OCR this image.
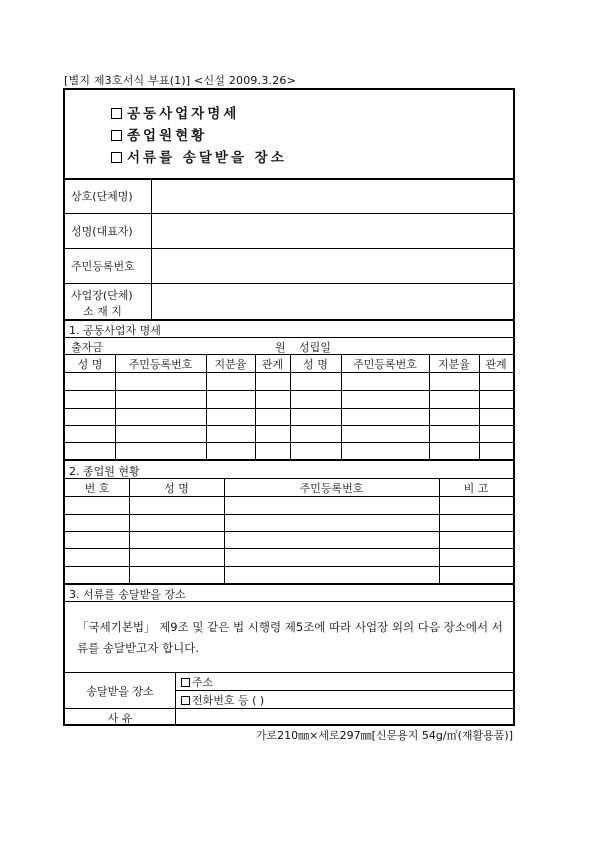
[별지 제3호서식 부표(1)] <신설 2009.3.26>
공동사업자명세
종업원현황
서류를 송달받을 장소
상호(단체명)
성명(대표자)
주민등록번호
사업장(단체)
소 재 지
1. 공동사업자 명세
출자금	원 성립일
성 명	주민등록번호	지분율	관계	성 명	주민등록번호	지분율	관계
2. 종업원 현황
번 호	성 명	주민등록번호	비 고
3. 서류를 송달받을 장소
「국세기본법」 제9조 및 같은 법 시행령 제5조에 따라 사업장 외의 다음 장소에서 서류를 송달받고자 합니다.
송달받을 장소
주소
전화번호 등 ( )
사 유
가로210㎜×세로297㎜[신문용지 54g/㎡(재활용품)]
